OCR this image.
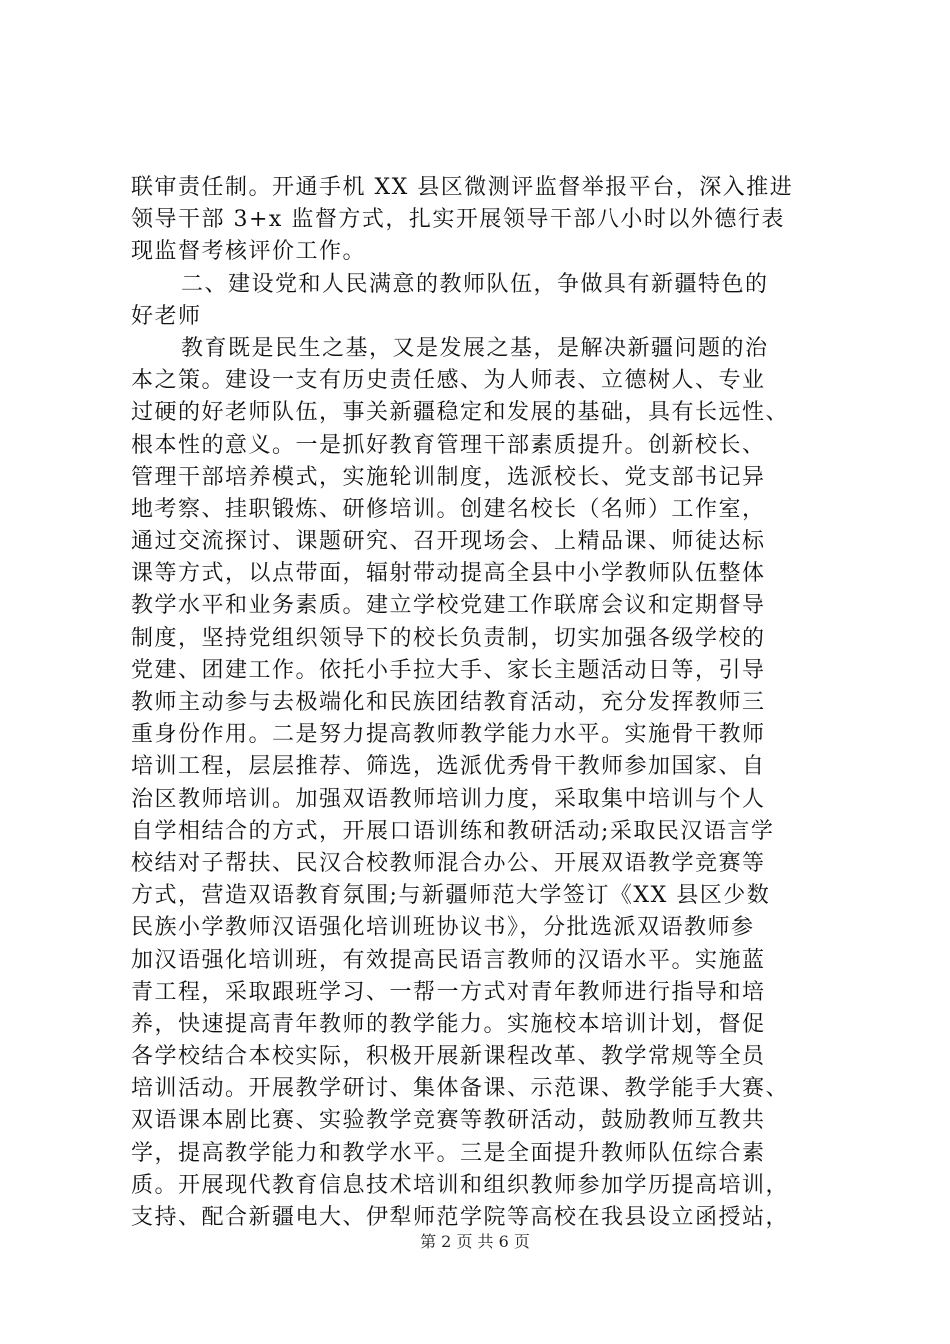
联审责任制。开通手机 XX 县区微测评监督举报平台，深入推进
领导干部 3+x 监督方式，扎实开展领导干部八小时以外德行表
现监督考核评价工作。
二、建设党和人民满意的教师队伍，争做具有新疆特色的
好老师
教育既是民生之基，又是发展之基，是解决新疆问题的治
本之策。建设一支有历史责任感、为人师表、立德树人、专业
过硬的好老师队伍，事关新疆稳定和发展的基础，具有长远性、
根本性的意义。一是抓好教育管理干部素质提升。创新校长、
管理干部培养模式，实施轮训制度，选派校长、党支部书记异
地考察、挂职锻炼、研修培训。创建名校长（名师）工作室，
通过交流探讨、课题研究、召开现场会、上精品课、师徒达标
课等方式，以点带面，辐射带动提高全县中小学教师队伍整体
教学水平和业务素质。建立学校党建工作联席会议和定期督导
制度，坚持党组织领导下的校长负责制，切实加强各级学校的
党建、团建工作。依托小手拉大手、家长主题活动日等，引导
教师主动参与去极端化和民族团结教育活动，充分发挥教师三
重身份作用。二是努力提高教师教学能力水平。实施骨干教师
培训工程，层层推荐、筛选，选派优秀骨干教师参加国家、自
治区教师培训。加强双语教师培训力度，采取集中培训与个人
自学相结合的方式，开展口语训练和教研活动;采取民汉语言学
校结对子帮扶、民汉合校教师混合办公、开展双语教学竞赛等
方式，营造双语教育氛围;与新疆师范大学签订《XX 县区少数
民族小学教师汉语强化培训班协议书》，分批选派双语教师参
加汉语强化培训班，有效提高民语言教师的汉语水平。实施蓝
青工程，采取跟班学习、一帮一方式对青年教师进行指导和培
养，快速提高青年教师的教学能力。实施校本培训计划，督促
各学校结合本校实际，积极开展新课程改革、教学常规等全员
培训活动。开展教学研讨、集体备课、示范课、教学能手大赛、
双语课本剧比赛、实验教学竞赛等教研活动，鼓励教师互教共
学，提高教学能力和教学水平。三是全面提升教师队伍综合素
质。开展现代教育信息技术培训和组织教师参加学历提高培训，
支持、配合新疆电大、伊犁师范学院等高校在我县设立函授站，
第 2 页 共 6 页
